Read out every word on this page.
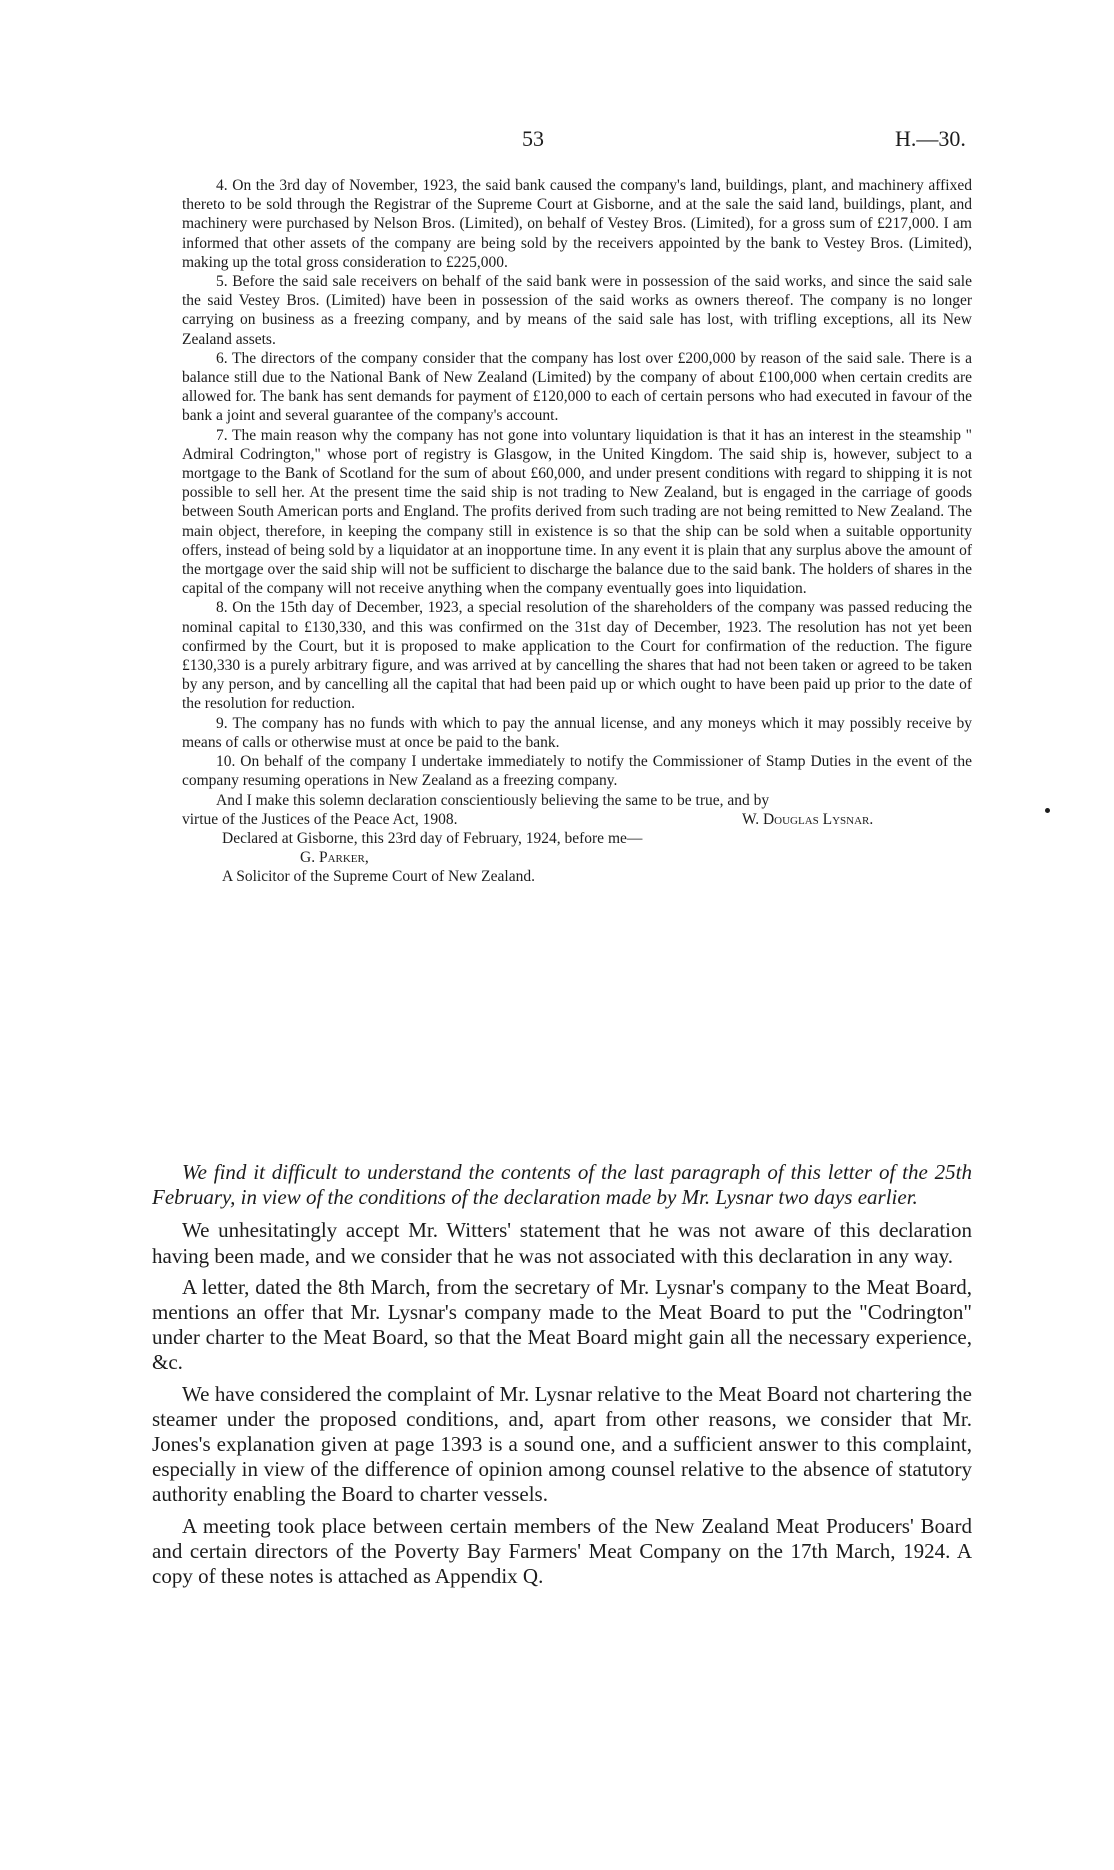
53	H.—30.

4. On the 3rd day of November, 1923, the said bank caused the company's land, buildings, plant, and machinery affixed thereto to be sold through the Registrar of the Supreme Court at Gisborne, and at the sale the said land, buildings, plant, and machinery were purchased by Nelson Bros. (Limited), on behalf of Vestey Bros. (Limited), for a gross sum of £217,000. I am informed that other assets of the company are being sold by the receivers appointed by the bank to Vestey Bros. (Limited), making up the total gross consideration to £225,000.

5. Before the said sale receivers on behalf of the said bank were in possession of the said works, and since the said sale the said Vestey Bros. (Limited) have been in possession of the said works as owners thereof. The company is no longer carrying on business as a freezing company, and by means of the said sale has lost, with trifling exceptions, all its New Zealand assets.

6. The directors of the company consider that the company has lost over £200,000 by reason of the said sale. There is a balance still due to the National Bank of New Zealand (Limited) by the company of about £100,000 when certain credits are allowed for. The bank has sent demands for payment of £120,000 to each of certain persons who had executed in favour of the bank a joint and several guarantee of the company's account.

7. The main reason why the company has not gone into voluntary liquidation is that it has an interest in the steamship " Admiral Codrington," whose port of registry is Glasgow, in the United Kingdom. The said ship is, however, subject to a mortgage to the Bank of Scotland for the sum of about £60,000, and under present conditions with regard to shipping it is not possible to sell her. At the present time the said ship is not trading to New Zealand, but is engaged in the carriage of goods between South American ports and England. The profits derived from such trading are not being remitted to New Zealand. The main object, therefore, in keeping the company still in existence is so that the ship can be sold when a suitable opportunity offers, instead of being sold by a liquidator at an inopportune time. In any event it is plain that any surplus above the amount of the mortgage over the said ship will not be sufficient to discharge the balance due to the said bank. The holders of shares in the capital of the company will not receive anything when the company eventually goes into liquidation.

8. On the 15th day of December, 1923, a special resolution of the shareholders of the company was passed reducing the nominal capital to £130,330, and this was confirmed on the 31st day of December, 1923. The resolution has not yet been confirmed by the Court, but it is proposed to make application to the Court for confirmation of the reduction. The figure £130,330 is a purely arbitrary figure, and was arrived at by cancelling the shares that had not been taken or agreed to be taken by any person, and by cancelling all the capital that had been paid up or which ought to have been paid up prior to the date of the resolution for reduction.

9. The company has no funds with which to pay the annual license, and any moneys which it may possibly receive by means of calls or otherwise must at once be paid to the bank.

10. On behalf of the company I undertake immediately to notify the Commissioner of Stamp Duties in the event of the company resuming operations in New Zealand as a freezing company.

And I make this solemn declaration conscientiously believing the same to be true, and by

virtue of the Justices of the Peace Act, 1908.	W. Douglas Lysnar.

Declared at Gisborne, this 23rd day of February, 1924, before me—

G. Parker,

A Solicitor of the Supreme Court of New Zealand.

We find it difficult to understand the contents of the last paragraph of this letter of the 25th February, in view of the conditions of the declaration made by Mr. Lysnar two days earlier.

We unhesitatingly accept Mr. Witters' statement that he was not aware of this declaration having been made, and we consider that he was not associated with this declaration in any way.

A letter, dated the 8th March, from the secretary of Mr. Lysnar's company to the Meat Board, mentions an offer that Mr. Lysnar's company made to the Meat Board to put the "Codrington" under charter to the Meat Board, so that the Meat Board might gain all the necessary experience, &c.

We have considered the complaint of Mr. Lysnar relative to the Meat Board not chartering the steamer under the proposed conditions, and, apart from other reasons, we consider that Mr. Jones's explanation given at page 1393 is a sound one, and a sufficient answer to this complaint, especially in view of the difference of opinion among counsel relative to the absence of statutory authority enabling the Board to charter vessels.

A meeting took place between certain members of the New Zealand Meat Producers' Board and certain directors of the Poverty Bay Farmers' Meat Company on the 17th March, 1924. A copy of these notes is attached as Appendix Q.
